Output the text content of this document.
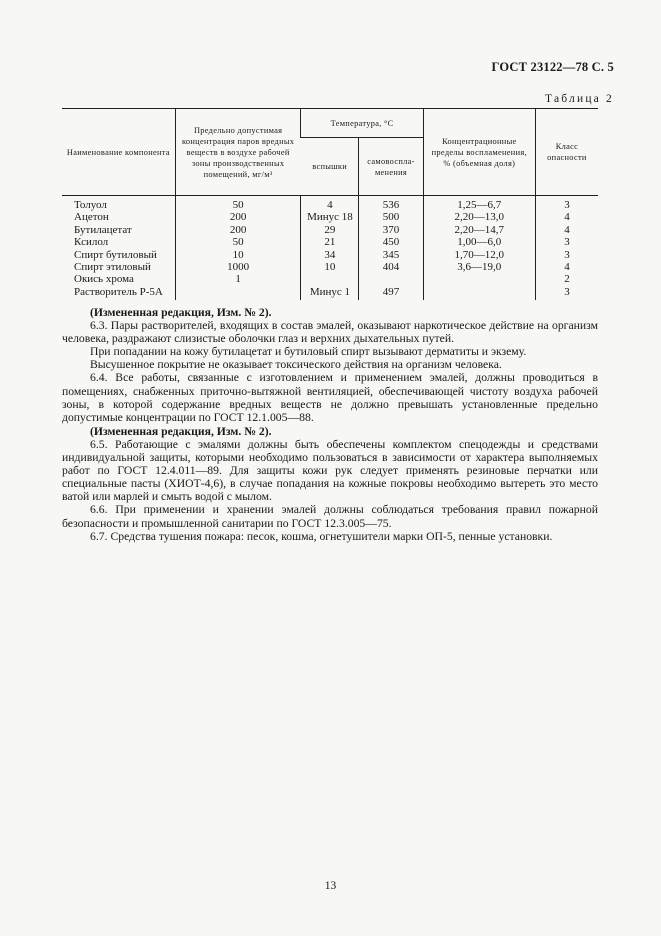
ГОСТ 23122—78 С. 5
Таблица 2
Наименование компонента	Предельно допустимая концентрация паров вредных веществ в воздухе рабочей зоны производственных помещений, мг/м³	Температура, °С		Концентрационные пределы воспламенения, % (объемная доля)	Класс опасности
		вспышки	самовоспла-менения		
Толуол	50	4	536	1,25—6,7	3
Ацетон	200	Минус 18	500	2,20—13,0	4
Бутилацетат	200	29	370	2,20—14,7	4
Ксилол	50	21	450	1,00—6,0	3
Спирт бутиловый	10	34	345	1,70—12,0	3
Спирт этиловый	1000	10	404	3,6—19,0	4
Окись хрома	1				2
Растворитель Р-5А		Минус 1	497		3

(Измененная редакция, Изм. № 2).

6.3. Пары растворителей, входящих в состав эмалей, оказывают наркотическое действие на организм человека, раздражают слизистые оболочки глаз и верхних дыхательных путей.

При попадании на кожу бутилацетат и бутиловый спирт вызывают дерматиты и экзему.

Высушенное покрытие не оказывает токсического действия на организм человека.

6.4. Все работы, связанные с изготовлением и применением эмалей, должны проводиться в помещениях, снабженных приточно-вытяжной вентиляцией, обеспечивающей чистоту воздуха рабочей зоны, в которой содержание вредных веществ не должно превышать установленные предельно допустимые концентрации по ГОСТ 12.1.005—88.

(Измененная редакция, Изм. № 2).

6.5. Работающие с эмалями должны быть обеспечены комплектом спецодежды и средствами индивидуальной защиты, которыми необходимо пользоваться в зависимости от характера выполняемых работ по ГОСТ 12.4.011—89. Для защиты кожи рук следует применять резиновые перчатки или специальные пасты (ХИОТ-4,6), в случае попадания на кожные покровы необходимо вытереть это место ватой или марлей и смыть водой с мылом.

6.6. При применении и хранении эмалей должны соблюдаться требования правил пожарной безопасности и промышленной санитарии по ГОСТ 12.3.005—75.

6.7. Средства тушения пожара: песок, кошма, огнетушители марки ОП-5, пенные установки.

13
